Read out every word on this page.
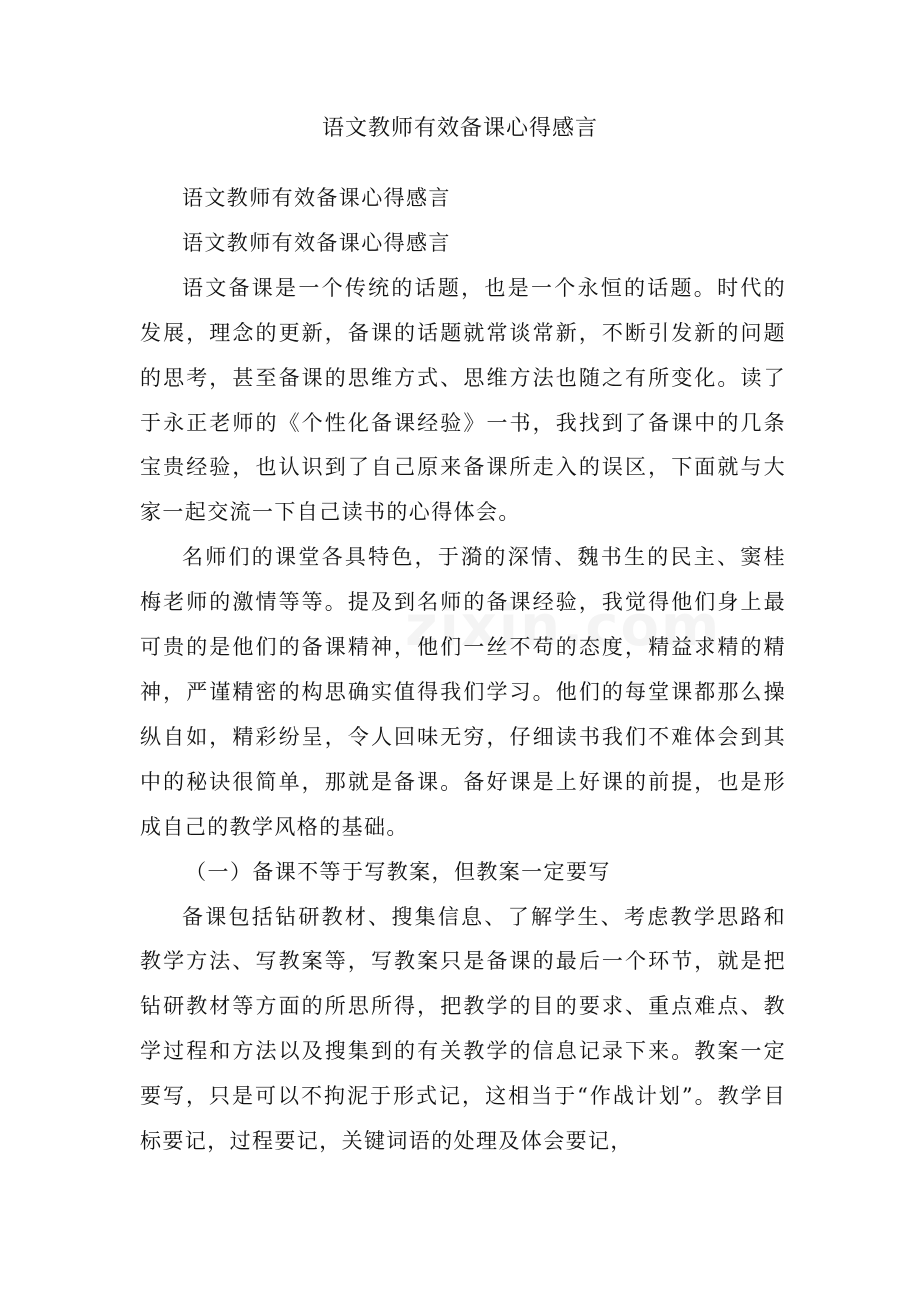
语文教师有效备课心得感言

语文教师有效备课心得感言

语文教师有效备课心得感言

语文备课是一个传统的话题，也是一个永恒的话题。时代的发展，理念的更新，备课的话题就常谈常新，不断引发新的问题的思考，甚至备课的思维方式、思维方法也随之有所变化。读了于永正老师的《个性化备课经验》一书，我找到了备课中的几条宝贵经验，也认识到了自己原来备课所走入的误区，下面就与大家一起交流一下自己读书的心得体会。

名师们的课堂各具特色，于漪的深情、魏书生的民主、窦桂梅老师的激情等等。提及到名师的备课经验，我觉得他们身上最可贵的是他们的备课精神，他们一丝不苟的态度，精益求精的精神，严谨精密的构思确实值得我们学习。他们的每堂课都那么操纵自如，精彩纷呈，令人回味无穷，仔细读书我们不难体会到其中的秘诀很简单，那就是备课。备好课是上好课的前提，也是形成自己的教学风格的基础。

（一）备课不等于写教案，但教案一定要写

备课包括钻研教材、搜集信息、了解学生、考虑教学思路和教学方法、写教案等，写教案只是备课的最后一个环节，就是把钻研教材等方面的所思所得，把教学的目的要求、重点难点、教学过程和方法以及搜集到的有关教学的信息记录下来。教案一定要写，只是可以不拘泥于形式记，这相当于“作战计划”。教学目标要记，过程要记，关键词语的处理及体会要记，
